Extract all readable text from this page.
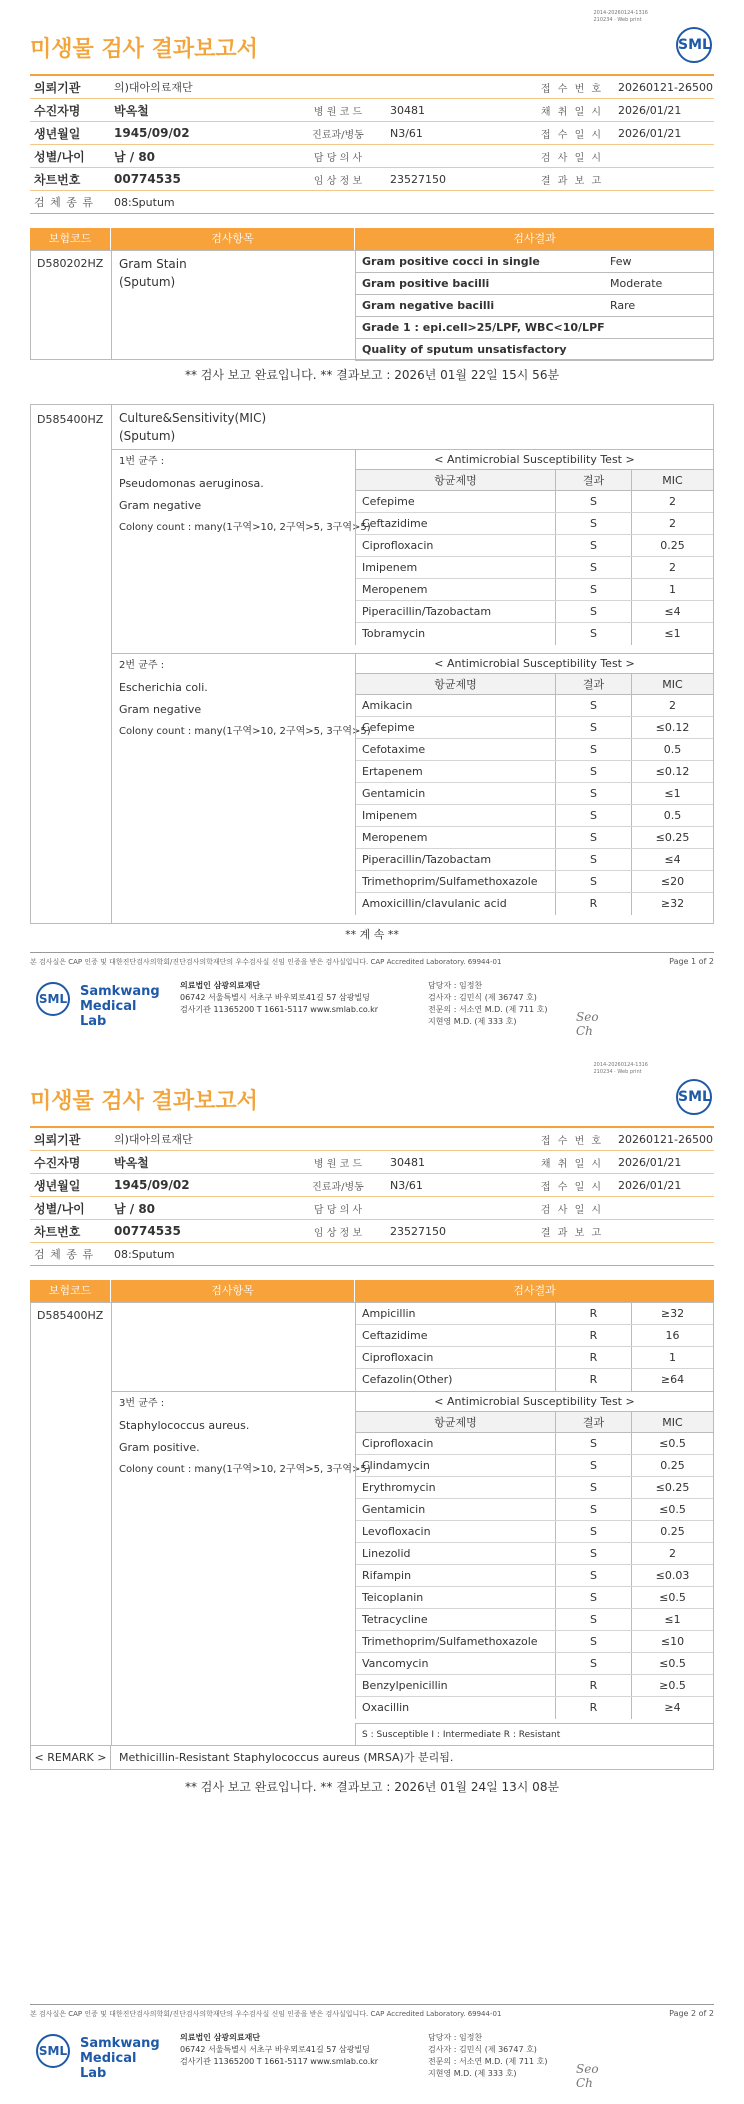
2014-20260124-1316
210234 · Web print
SML
미생물 검사 결과보고서
의뢰기관	의)대아의료재단	접 수 번 호	20260121-26500
수진자명	박옥철	병 원 코 드	30481	채 취 일 시	2026/01/21
생년월일	1945/09/02	진료과/병동	N3/61	접 수 일 시	2026/01/21
성별/나이	남 / 80	담 당 의 사	검 사 일 시
차트번호	00774535	임 상 정 보	23527150	결 과 보 고
검 체 종 류	08:Sputum
보험코드	검사항목	검사결과
D580202HZ Gram Stain
(Sputum)
Gram positive cocci in single	Few
Gram positive bacilli	Moderate
Gram negative bacilli	Rare
Grade 1 : epi.cell>25/LPF, WBC<10/LPF
Quality of sputum unsatisfactory
** 검사 보고 완료입니다. ** 결과보고 : 2026년 01월 22일 15시 56분
D585400HZ Culture&Sensitivity(MIC)
(Sputum)
1번 균주 :
Pseudomonas aeruginosa.
Gram negative
Colony count : many(1구역>10, 2구역>5, 3구역>5)
< Antimicrobial Susceptibility Test >
항균제명	결과	MIC
Cefepime	S	2
Ceftazidime	S	2
Ciprofloxacin	S	0.25
Imipenem	S	2
Meropenem	S	1
Piperacillin/Tazobactam	S	≤4
Tobramycin	S	≤1
2번 균주 :
Escherichia coli.
Gram negative
Colony count : many(1구역>10, 2구역>5, 3구역>5)
< Antimicrobial Susceptibility Test >
항균제명	결과	MIC
Amikacin	S	2
Cefepime	S	≤0.12
Cefotaxime	S	0.5
Ertapenem	S	≤0.12
Gentamicin	S	≤1
Imipenem	S	0.5
Meropenem	S	≤0.25
Piperacillin/Tazobactam	S	≤4
Trimethoprim/Sulfamethoxazole	S	≤20
Amoxicillin/clavulanic acid	R	≥32
** 계 속 **
본 검사실은 CAP 인증 및 대한진단검사의학회/진단검사의학재단의 우수검사실 신임 인증을 받은 검사실입니다. CAP Accredited Laboratory. 69944-01	Page 1 of 2
SML Samkwang
Medical Lab
의료법인 삼광의료재단
06742 서울특별시 서초구 바우뫼로41길 57 삼광빌딩
검사기관 11365200 T 1661-5117 www.smlab.co.kr
담당자 : 임정찬
검사자 : 김민식 (제 36747 호)
전문의 : 서소연 M.D. (제 711 호)
지현영 M.D. (제 333 호)	Seo
Ch
2014-20260124-1316
210234 · Web print
SML
미생물 검사 결과보고서
의뢰기관	의)대아의료재단	접 수 번 호	20260121-26500
수진자명	박옥철	병 원 코 드	30481	채 취 일 시	2026/01/21
생년월일	1945/09/02	진료과/병동	N3/61	접 수 일 시	2026/01/21
성별/나이	남 / 80	담 당 의 사	검 사 일 시
차트번호	00774535	임 상 정 보	23527150	결 과 보 고
검 체 종 류	08:Sputum
보험코드	검사항목	검사결과
D585400HZ	Ampicillin	R	≥32
Ceftazidime	R	16
Ciprofloxacin	R	1
Cefazolin(Other)	R	≥64
3번 균주 :
Staphylococcus aureus.
Gram positive.
Colony count : many(1구역>10, 2구역>5, 3구역>5)
< Antimicrobial Susceptibility Test >
항균제명	결과	MIC
Ciprofloxacin	S	≤0.5
Clindamycin	S	0.25
Erythromycin	S	≤0.25
Gentamicin	S	≤0.5
Levofloxacin	S	0.25
Linezolid	S	2
Rifampin	S	≤0.03
Teicoplanin	S	≤0.5
Tetracycline	S	≤1
Trimethoprim/Sulfamethoxazole	S	≤10
Vancomycin	S	≤0.5
Benzylpenicillin	R	≥0.5
Oxacillin	R	≥4
S : Susceptible I : Intermediate R : Resistant
< REMARK >	Methicillin-Resistant Staphylococcus aureus (MRSA)가 분리됨.
** 검사 보고 완료입니다. ** 결과보고 : 2026년 01월 24일 13시 08분
본 검사실은 CAP 인증 및 대한진단검사의학회/진단검사의학재단의 우수검사실 신임 인증을 받은 검사실입니다. CAP Accredited Laboratory. 69944-01	Page 2 of 2
SML Samkwang
Medical Lab
의료법인 삼광의료재단
06742 서울특별시 서초구 바우뫼로41길 57 삼광빌딩
검사기관 11365200 T 1661-5117 www.smlab.co.kr
담당자 : 임정찬
검사자 : 김민식 (제 36747 호)
전문의 : 서소연 M.D. (제 711 호)
지현영 M.D. (제 333 호)	Seo
Ch
